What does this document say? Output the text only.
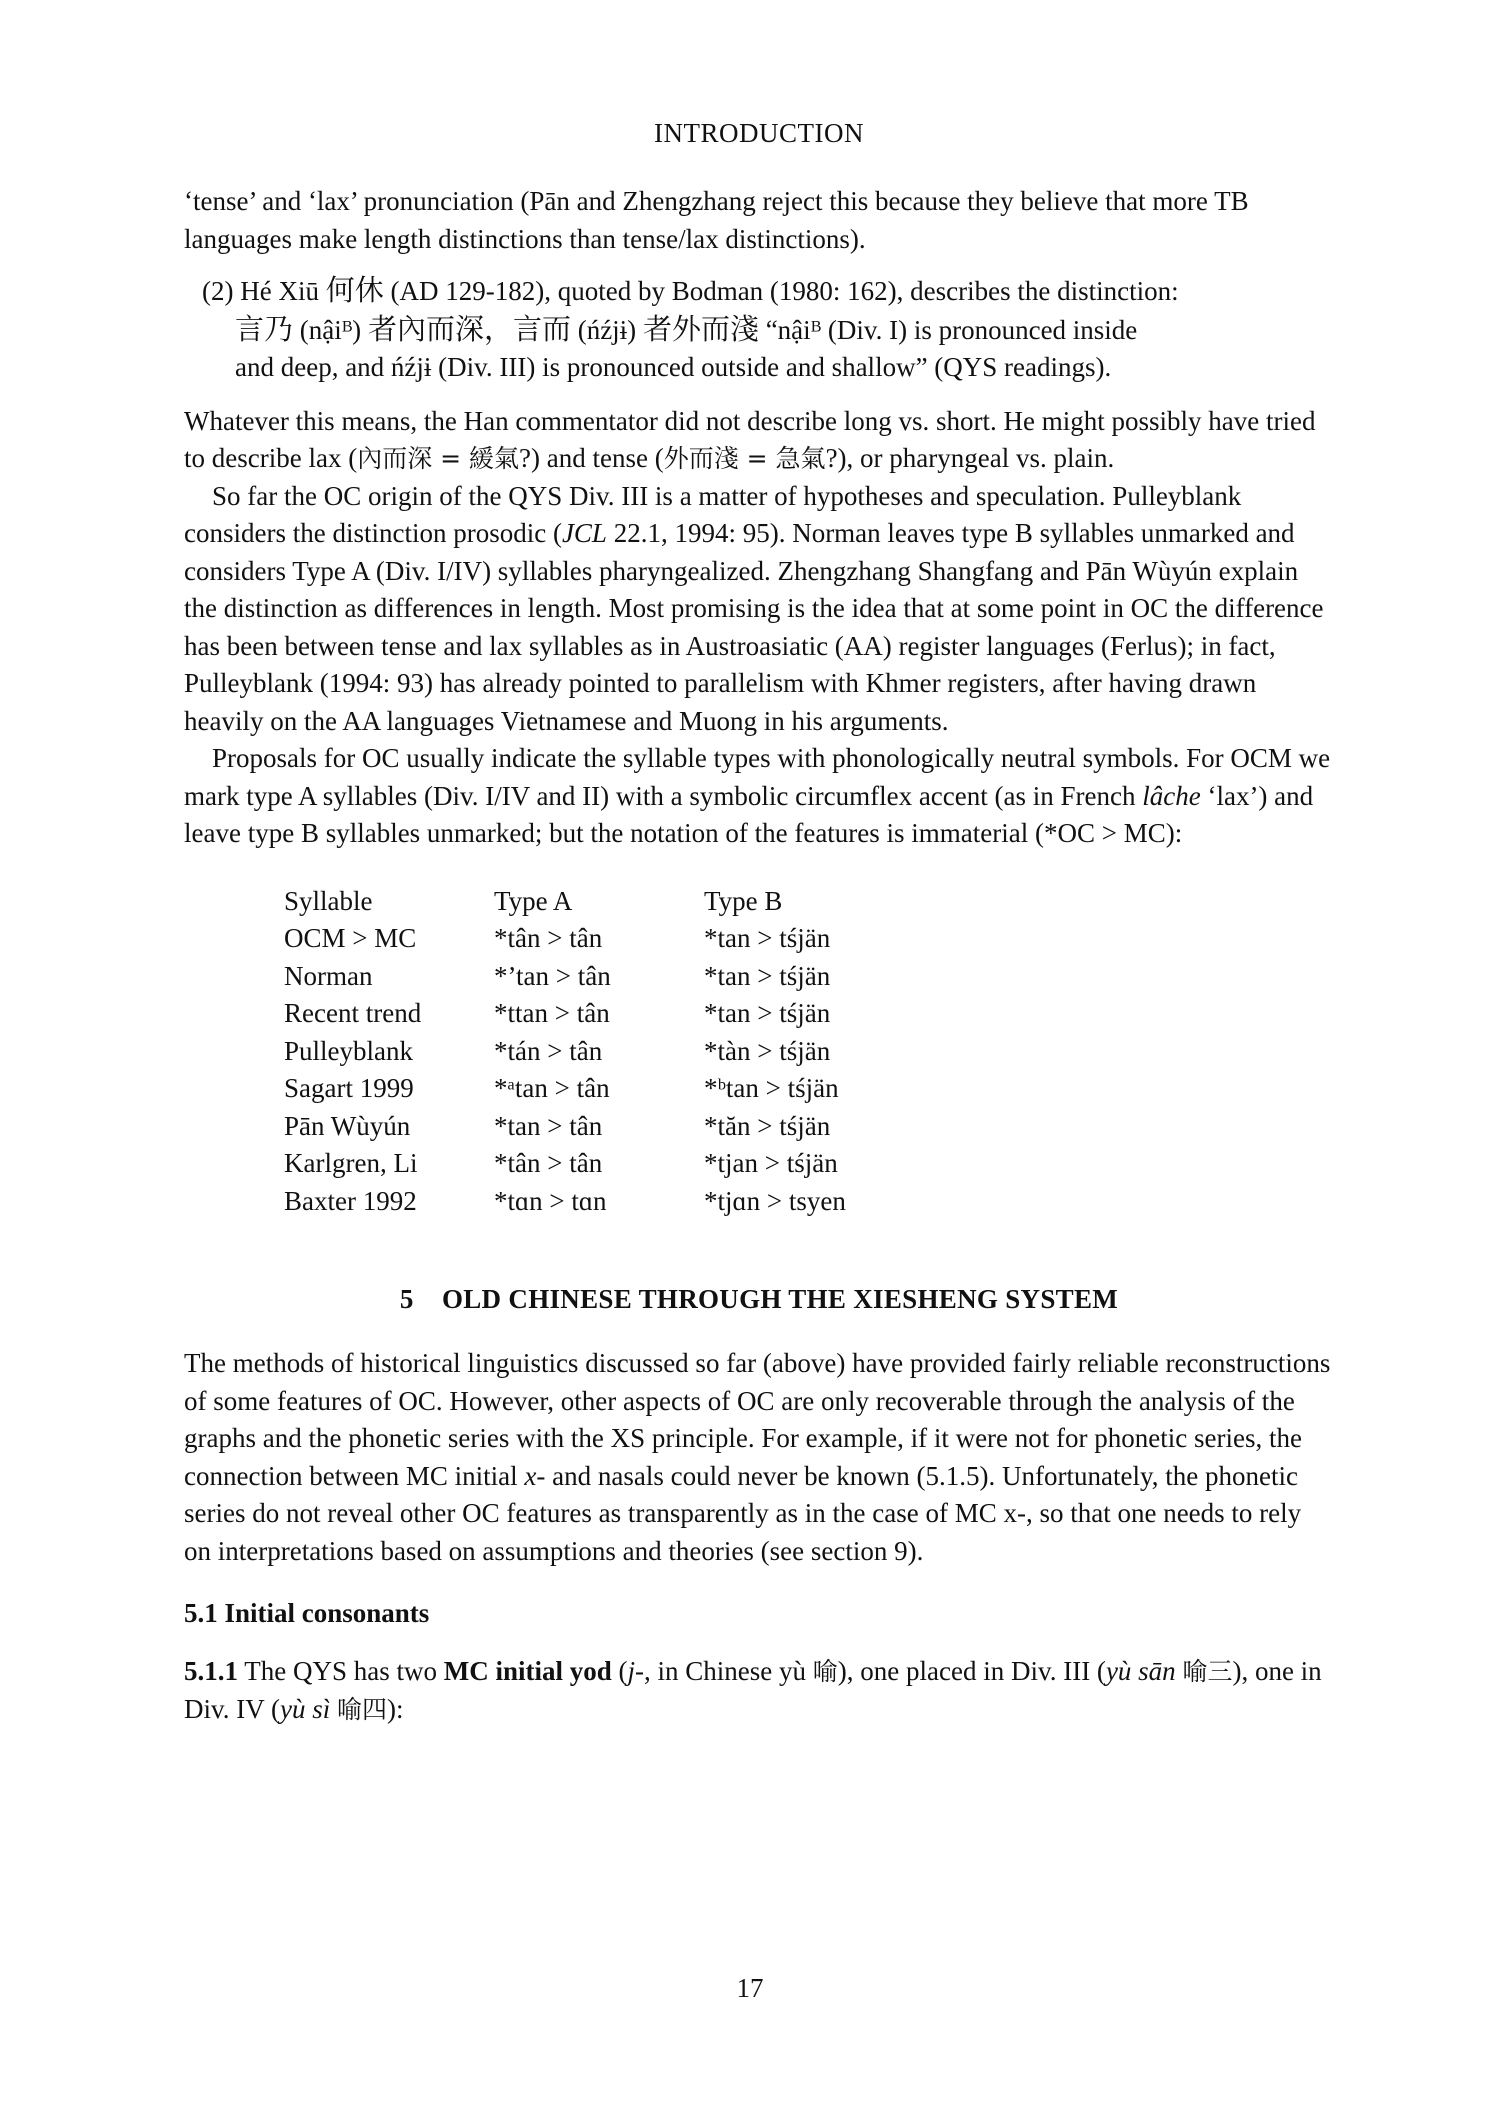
INTRODUCTION

‘tense’ and ‘lax’ pronunciation (Pān and Zhengzhang reject this because they believe that more TB languages make length distinctions than tense/lax distinctions).

(2) Hé Xiū 何休 (AD 129-182), quoted by Bodman (1980: 162), describes the distinction:

言乃 (nậiᴮ) 者內而深，言而 (ńźjɨ) 者外而淺 “nậiᴮ (Div. I) is pronounced inside

and deep, and ńźjɨ (Div. III) is pronounced outside and shallow” (QYS readings).

Whatever this means, the Han commentator did not describe long vs. short. He might possibly have tried to describe lax (內而深 = 緩氣?) and tense (外而淺 = 急氣?), or pharyngeal vs. plain.

So far the OC origin of the QYS Div. III is a matter of hypotheses and speculation. Pulleyblank considers the distinction prosodic (JCL 22.1, 1994: 95). Norman leaves type B syllables unmarked and considers Type A (Div. I/IV) syllables pharyngealized. Zhengzhang Shangfang and Pān Wùyún explain the distinction as differences in length. Most promising is the idea that at some point in OC the difference has been between tense and lax syllables as in Austroasiatic (AA) register languages (Ferlus); in fact, Pulleyblank (1994: 93) has already pointed to parallelism with Khmer registers, after having drawn heavily on the AA languages Vietnamese and Muong in his arguments.

Proposals for OC usually indicate the syllable types with phonologically neutral symbols. For OCM we mark type A syllables (Div. I/IV and II) with a symbolic circumflex accent (as in French lâche ‘lax’) and leave type B syllables unmarked; but the notation of the features is immaterial (*OC > MC):

Syllable	Type A	Type B
OCM > MC	*tân > tân	*tan > tśjän
Norman	*’tan > tân	*tan > tśjän
Recent trend	*ttan > tân	*tan > tśjän
Pulleyblank	*tán > tân	*tàn > tśjän
Sagart 1999	*ᵃtan > tân	*ᵇtan > tśjän
Pān Wùyún	*tan > tân	*tăn > tśjän
Karlgren, Li	*tân > tân	*tjan > tśjän
Baxter 1992	*tɑn > tɑn	*tjɑn > tsyen
5 OLD CHINESE THROUGH THE XIESHENG SYSTEM

The methods of historical linguistics discussed so far (above) have provided fairly reliable reconstructions of some features of OC. However, other aspects of OC are only recoverable through the analysis of the graphs and the phonetic series with the XS principle. For example, if it were not for phonetic series, the connection between MC initial x- and nasals could never be known (5.1.5). Unfortunately, the phonetic series do not reveal other OC features as transparently as in the case of MC x-, so that one needs to rely on interpretations based on assumptions and theories (see section 9).

5.1 Initial consonants

5.1.1 The QYS has two MC initial yod (j-, in Chinese yù 喻), one placed in Div. III (yù sān 喻三), one in Div. IV (yù sì 喻四):

17
